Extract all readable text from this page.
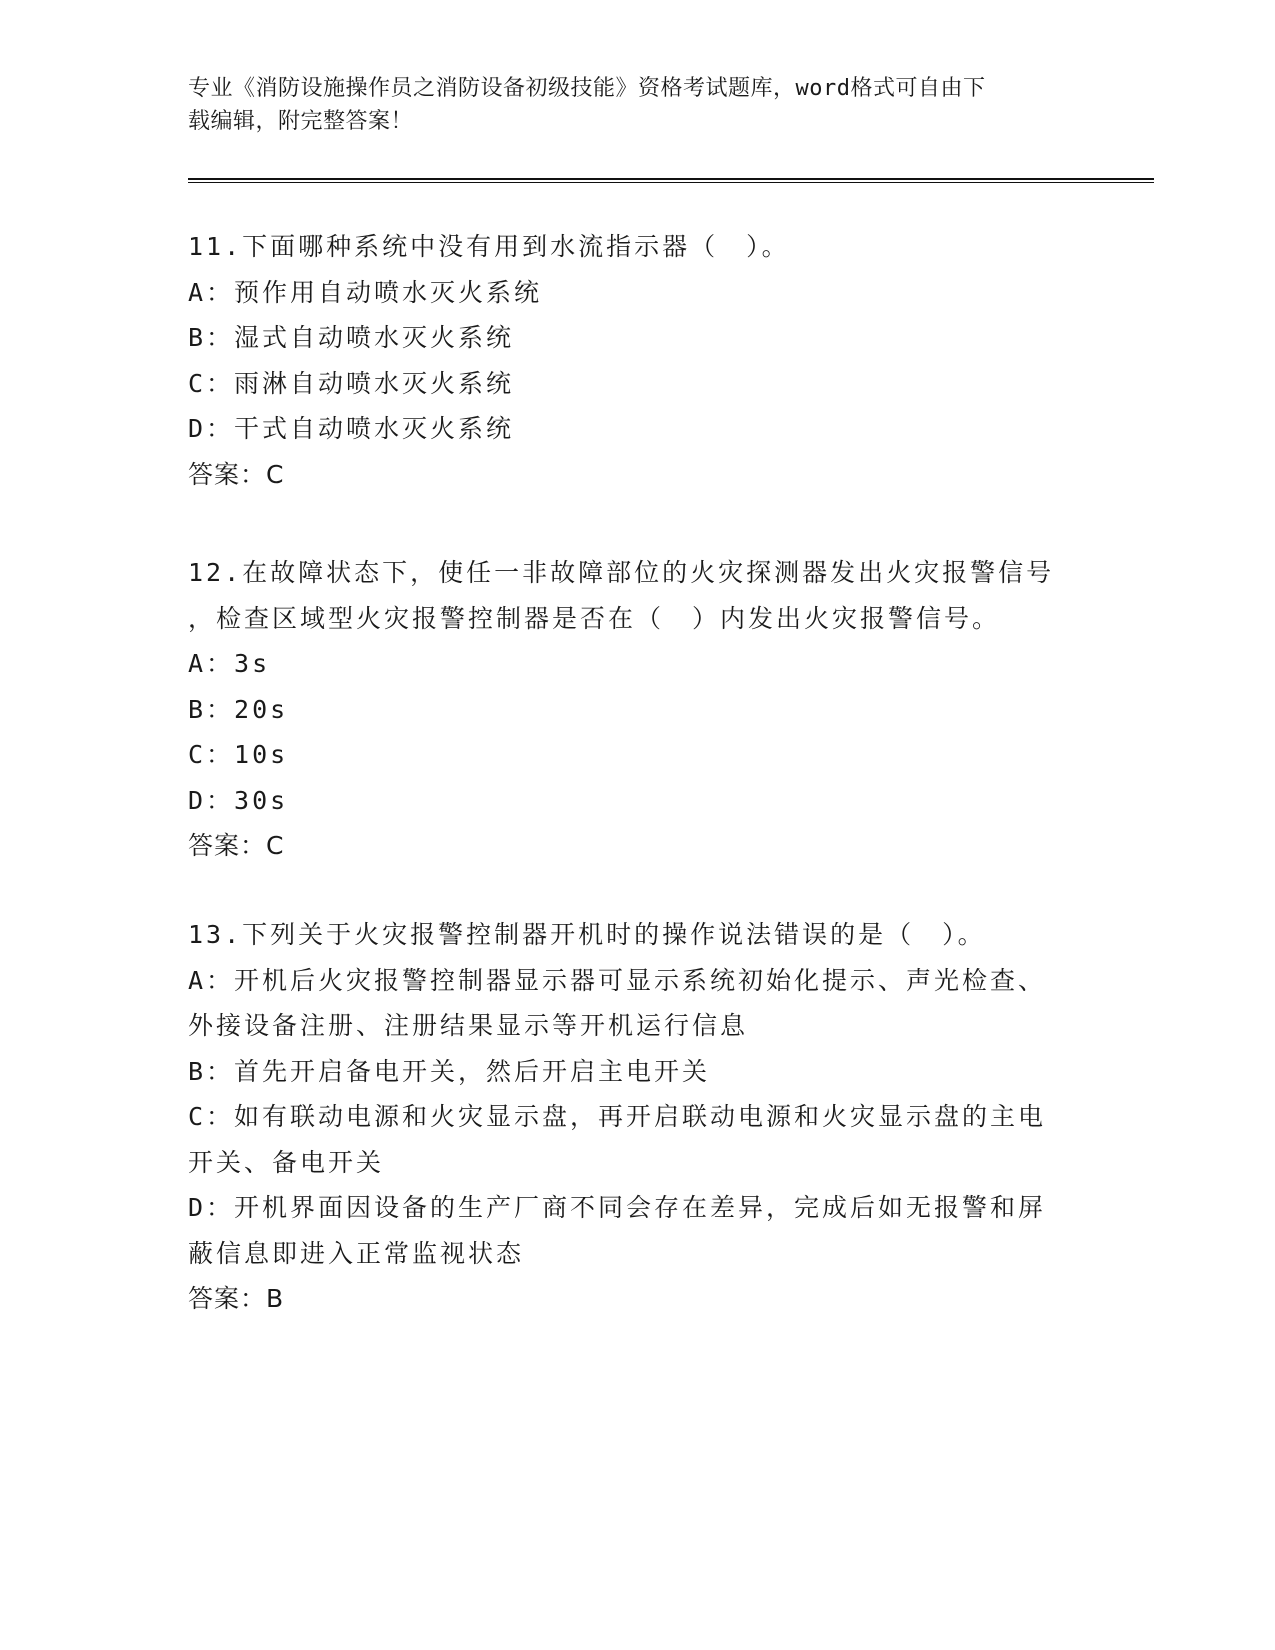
专业《消防设施操作员之消防设备初级技能》资格考试题库，word格式可自由下
载编辑，附完整答案！
11.下面哪种系统中没有用到水流指示器（　）。
A：预作用自动喷水灭火系统
B：湿式自动喷水灭火系统
C：雨淋自动喷水灭火系统
D：干式自动喷水灭火系统
答案：C
12.在故障状态下，使任一非故障部位的火灾探测器发出火灾报警信号
，检查区域型火灾报警控制器是否在（　）内发出火灾报警信号。
A：3s
B：20s
C：10s
D：30s
答案：C
13.下列关于火灾报警控制器开机时的操作说法错误的是（　）。
A：开机后火灾报警控制器显示器可显示系统初始化提示、声光检查、
外接设备注册、注册结果显示等开机运行信息
B：首先开启备电开关，然后开启主电开关
C：如有联动电源和火灾显示盘，再开启联动电源和火灾显示盘的主电
开关、备电开关
D：开机界面因设备的生产厂商不同会存在差异，完成后如无报警和屏
蔽信息即进入正常监视状态
答案：B
